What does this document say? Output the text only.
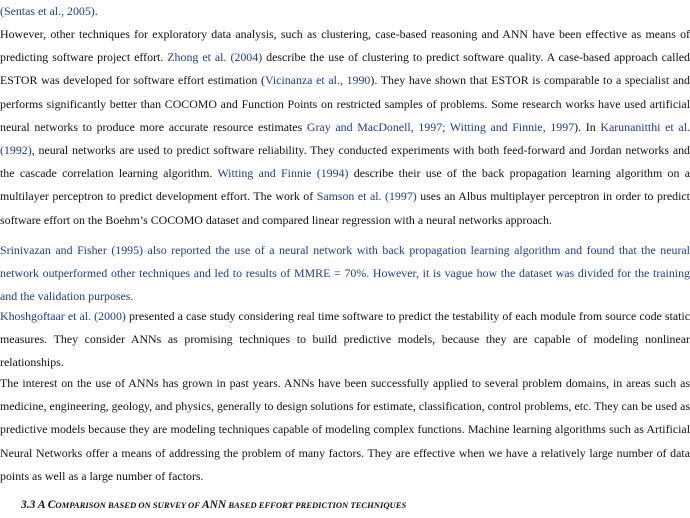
(Sentas et al., 2005).

However, other techniques for exploratory data analysis, such as clustering, case-based reasoning and ANN have been effective as means of predicting software project effort. Zhong et al. (2004) describe the use of clustering to predict software quality. A case-based approach called ESTOR was developed for software effort estimation (Vicinanza et al., 1990). They have shown that ESTOR is comparable to a specialist and performs significantly better than COCOMO and Function Points on restricted samples of problems. Some research works have used artificial neural networks to produce more accurate resource estimates Gray and MacDonell, 1997; Witting and Finnie, 1997). In Karunanitthi et al. (1992), neural networks are used to predict software reliability. They conducted experiments with both feed-forward and Jordan networks and the cascade correlation learning algorithm. Witting and Finnie (1994) describe their use of the back propagation learning algorithm on a multilayer perceptron to predict development effort. The work of Samson et al. (1997) uses an Albus multiplayer perceptron in order to predict software effort on the Boehm’s COCOMO dataset and compared linear regression with a neural networks approach.

Srinivazan and Fisher (1995) also reported the use of a neural network with back propagation learning algorithm and found that the neural network outperformed other techniques and led to results of MMRE = 70%. However, it is vague how the dataset was divided for the training and the validation purposes.

Khoshgoftaar et al. (2000) presented a case study considering real time software to predict the testability of each module from source code static measures. They consider ANNs as promising techniques to build predictive models, because they are capable of modeling nonlinear relationships.

The interest on the use of ANNs has grown in past years. ANNs have been successfully applied to several problem domains, in areas such as medicine, engineering, geology, and physics, generally to design solutions for estimate, classification, control problems, etc. They can be used as predictive models because they are modeling techniques capable of modeling complex functions. Machine learning algorithms such as Artificial Neural Networks offer a means of addressing the problem of many factors. They are effective when we have a relatively large number of data points as well as a large number of factors.

3.3 A COMPARISON BASED ON SURVEY OF ANN BASED EFFORT PREDICTION TECHNIQUES
